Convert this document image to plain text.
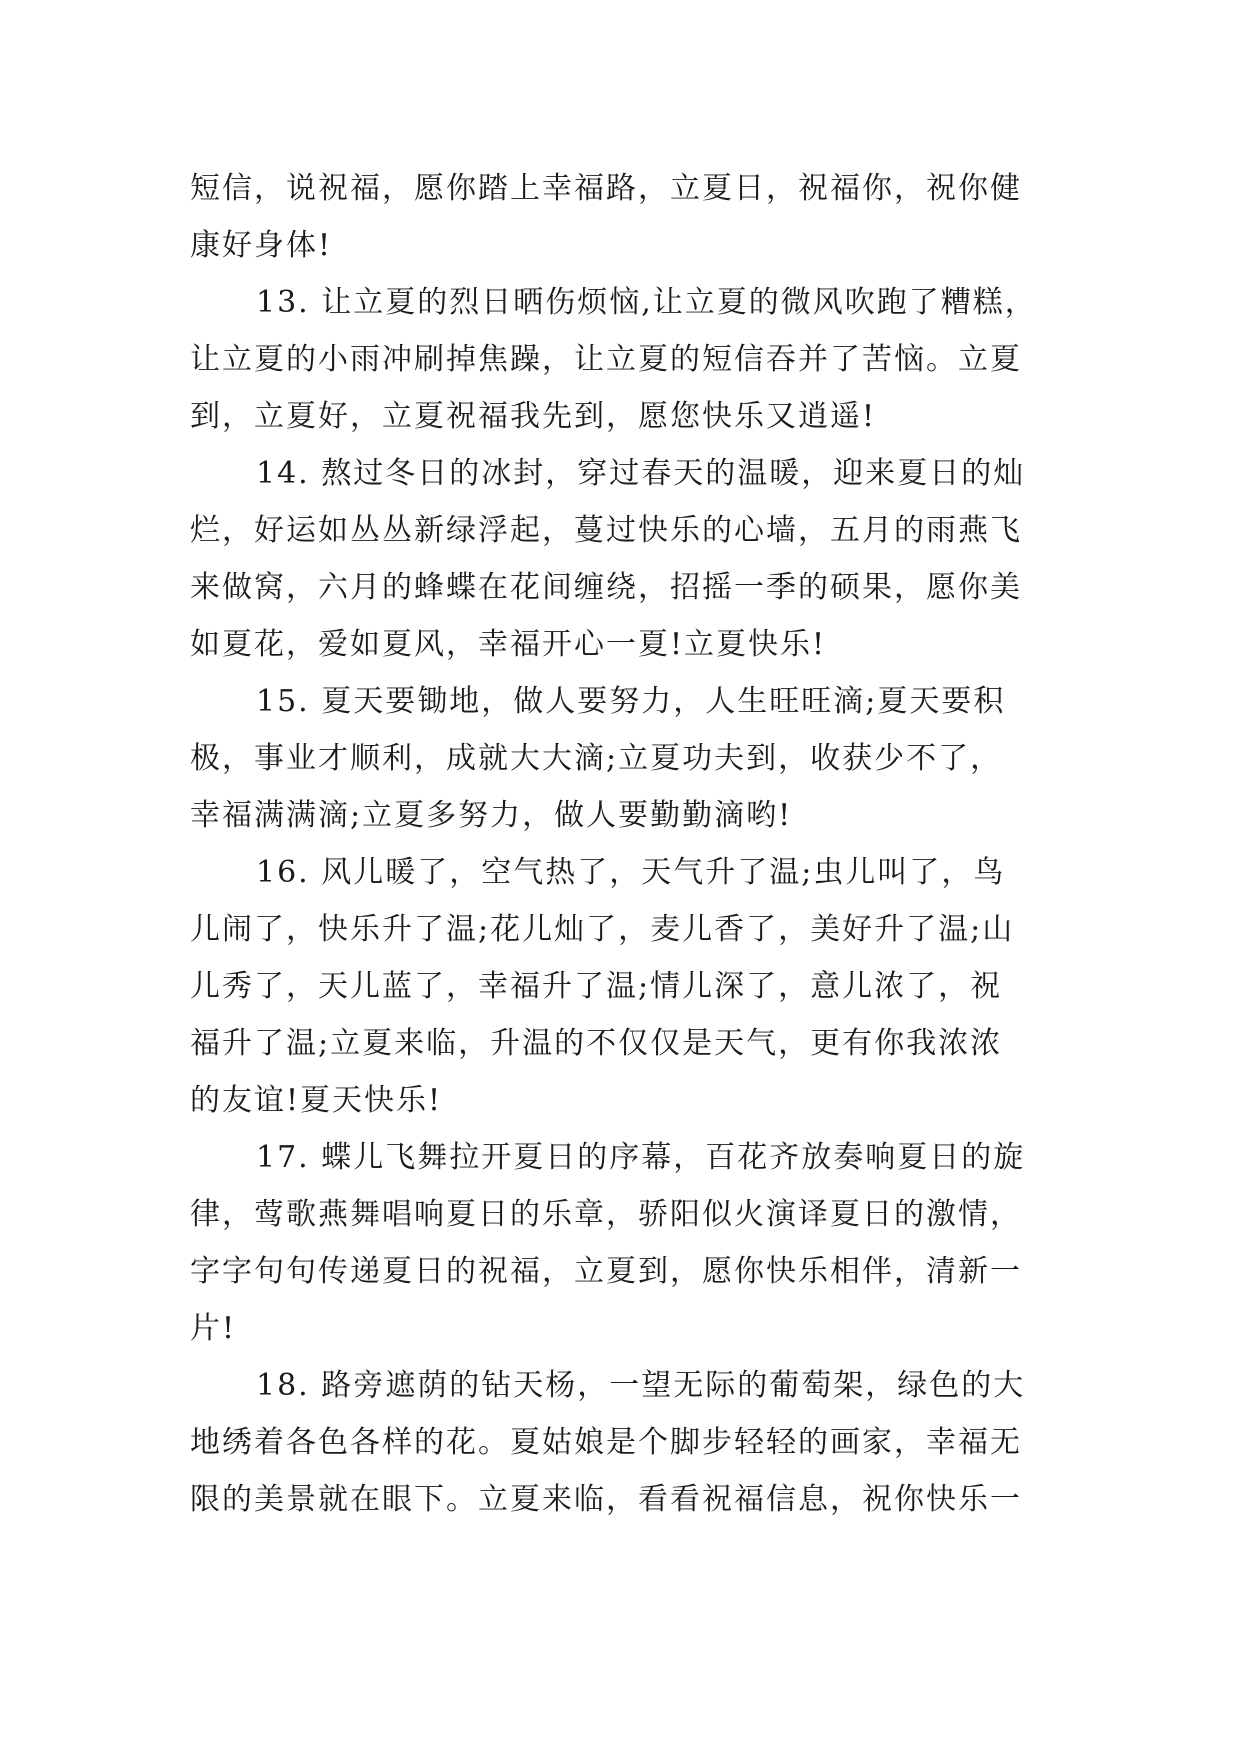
短信，说祝福，愿你踏上幸福路，立夏日，祝福你，祝你健
康好身体!
13. 让立夏的烈日晒伤烦恼,让立夏的微风吹跑了糟糕，
让立夏的小雨冲刷掉焦躁，让立夏的短信吞并了苦恼。立夏
到，立夏好，立夏祝福我先到，愿您快乐又逍遥!
14. 熬过冬日的冰封，穿过春天的温暖，迎来夏日的灿
烂，好运如丛丛新绿浮起，蔓过快乐的心墙，五月的雨燕飞
来做窝，六月的蜂蝶在花间缠绕，招摇一季的硕果，愿你美
如夏花，爱如夏风，幸福开心一夏!立夏快乐!
15. 夏天要锄地，做人要努力，人生旺旺滴;夏天要积
极，事业才顺利，成就大大滴;立夏功夫到，收获少不了，
幸福满满滴;立夏多努力，做人要勤勤滴哟!
16. 风儿暖了，空气热了，天气升了温;虫儿叫了，鸟
儿闹了，快乐升了温;花儿灿了，麦儿香了，美好升了温;山
儿秀了，天儿蓝了，幸福升了温;情儿深了，意儿浓了，祝
福升了温;立夏来临，升温的不仅仅是天气，更有你我浓浓
的友谊!夏天快乐!
17. 蝶儿飞舞拉开夏日的序幕，百花齐放奏响夏日的旋
律，莺歌燕舞唱响夏日的乐章，骄阳似火演译夏日的激情，
字字句句传递夏日的祝福，立夏到，愿你快乐相伴，清新一
片!
18. 路旁遮荫的钻天杨，一望无际的葡萄架，绿色的大
地绣着各色各样的花。夏姑娘是个脚步轻轻的画家，幸福无
限的美景就在眼下。立夏来临，看看祝福信息，祝你快乐一
